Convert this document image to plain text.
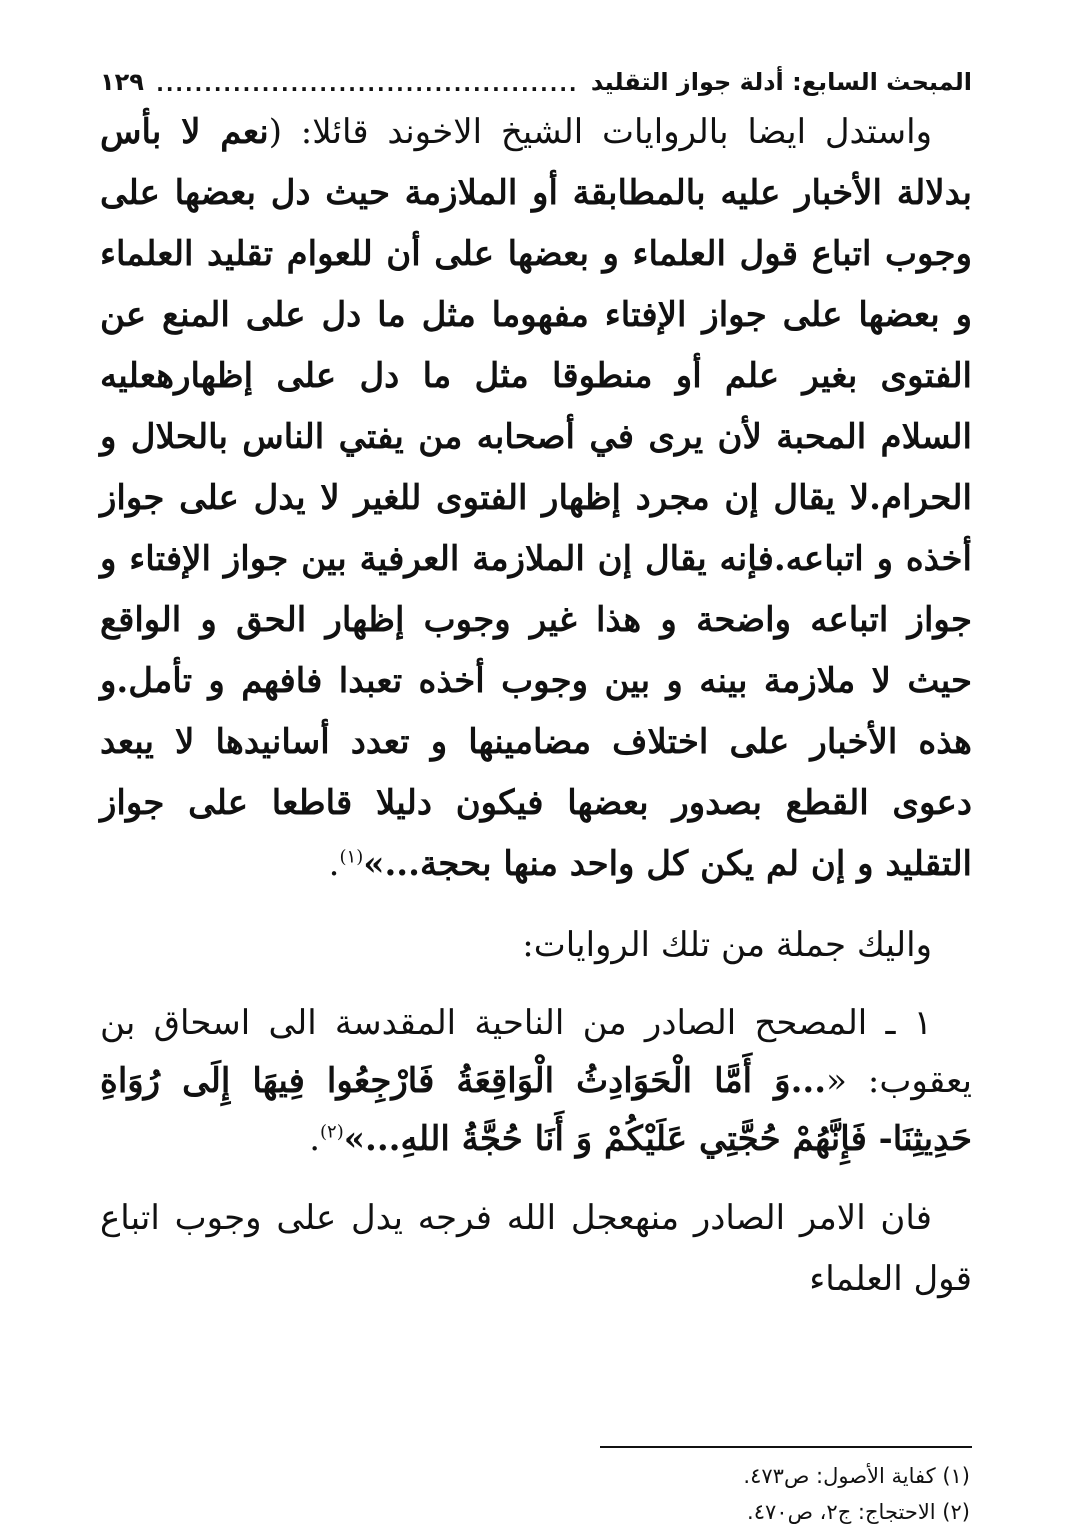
المبحث السابع: أدلة جواز التقليد
............................................
١٢٩

واستدل ايضا بالروايات الشيخ الاخوند قائلا: (نعم لا بأس بدلالة الأخبار عليه بالمطابقة أو الملازمة حيث دل بعضها على وجوب اتباع قول العلماء و بعضها على أن للعوام تقليد العلماء و بعضها على جواز الإفتاء مفهوما مثل ما دل على المنع عن الفتوى بغير علم أو منطوقا مثل ما دل على إظهارهعليه السلام المحبة لأن يرى في أصحابه من يفتي الناس بالحلال و الحرام.لا يقال إن مجرد إظهار الفتوى للغير لا يدل على جواز أخذه و اتباعه.فإنه يقال إن الملازمة العرفية بين جواز الإفتاء و جواز اتباعه واضحة و هذا غير وجوب إظهار الحق و الواقع حيث لا ملازمة بينه و بين وجوب أخذه تعبدا فافهم و تأمل.و هذه الأخبار على اختلاف مضامينها و تعدد أسانيدها لا يبعد دعوى القطع بصدور بعضها فيكون دليلا قاطعا على جواز التقليد و إن لم يكن كل واحد منها بحجة...»$^{(١)}$.

واليك جملة من تلك الروايات:

١ ـ المصحح الصادر من الناحية المقدسة الى اسحاق بن يعقوب: «...وَ أَمَّا الْحَوَادِثُ الْوَاقِعَةُ فَارْجِعُوا فِيهَا إِلَى رُوَاةِ حَدِيثِنَا- فَإِنَّهُمْ حُجَّتِي عَلَيْكُمْ وَ أَنَا حُجَّةُ اللهِ...»$^{(٢)}$.

فان الامر الصادر منهعجل الله فرجه يدل على وجوب اتباع قول العلماء

(١) كفاية الأصول: ص٤٧٣.

(٢) الاحتجاج: ج٢، ص٤٧٠.
